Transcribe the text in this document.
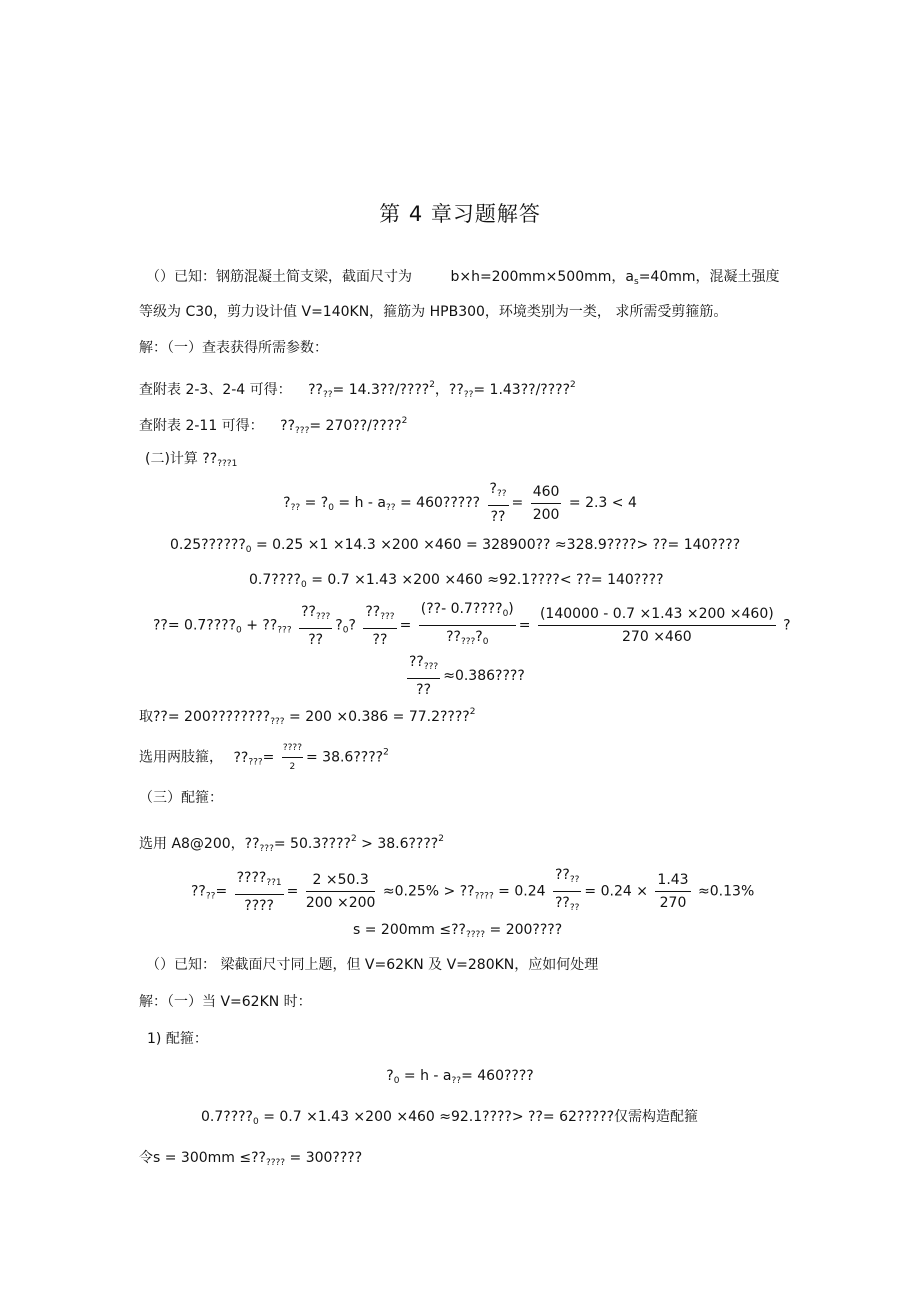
第 4 章习题解答
（）已知：钢筋混凝土简支梁，截面尺寸为	b×h=200mm×500mm，$a_s=40mm$，混凝土强度
等级为 C30，剪力设计值 V=140KN，箍筋为 HPB300，环境类别为一类， 求所需受剪箍筋。
解：（一）查表获得所需参数：
查附表 2-3、2-4 可得： $??_{??}=$ 14.3??/????$^2$，$??_{??}=$ 1.43??/????$^2$
查附表 2-11 可得： $??_{???}=$ 270??/????$^2$
(二)计算 $??_{???1}$
$?_{??}$ = $?_0 = h - a_{??} = 460$????? $\frac{?_{??}}{??} = \frac{460}{200} = 2.3 < 4$
$0.25??????_0 = 0.25 \times 1 \times 14.3 \times 200 \times 460 = 328900$?? ≈328.9????> ??= 140????
$0.7????_0 = 0.7 \times 1.43 \times 200 \times 460$ ≈92.1????< ??= 140????
??= $0.7????_0$ + $??_{???} \frac{??_{???}}{??}$ $?_0$? $\frac{??_{???}}{??} = \frac{(??- 0.7????_0)}{??_{???}?_0} = \frac{(140000 - 0.7 \times 1.43 \times 200 \times 460)}{270 \times 460}$ ?
$\frac{??_{???}}{??} \approx 0.386$????
取??= $200????????_{???} = 200 \times 0.386$ = 77.2????$^2$
选用两肢箍， $??_{???}= \frac{????}{2}$ = 38.6????$^2$
（三）配箍：
选用 A8@200，$??_{???}=$ 50.3????$^2$ > 38.6????$^2$
$??_{??}= \frac{????_{??1}}{????} = \frac{2 \times 50.3}{200 \times 200} \approx 0.25\%$ > $??_{????} = 0.24 \frac{??_{??}}{??_{??}} = 0.24 \times \frac{1.43}{270} \approx 0.13\%$
$s = 200mm \le??_{????} = 200$????
（）已知： 梁截面尺寸同上题，但 V=62KN 及 V=280KN，应如何处理
解：（一）当 V=62KN 时：
1) 配箍：
$?_0 = h - a_{??}= 460$????
$0.7????_0 = 0.7 \times 1.43 \times 200 \times 460$ ≈92.1????> ??= 62?????仅需构造配箍
令$s = 300mm \le??_{????} = 300$????
